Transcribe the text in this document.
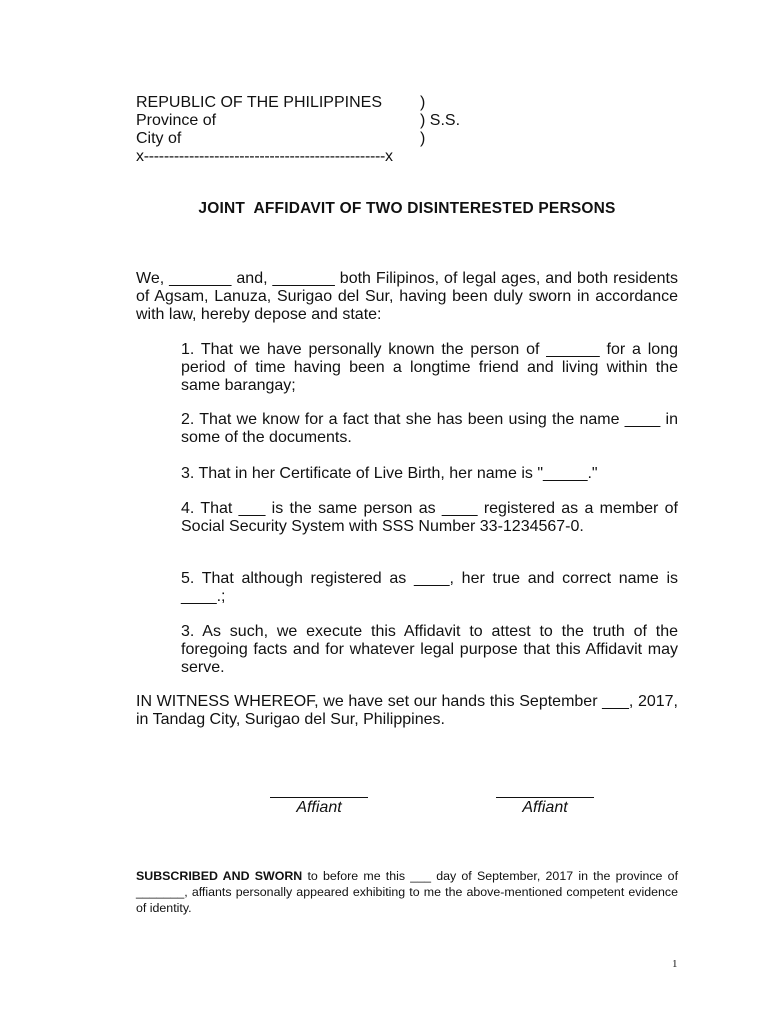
REPUBLIC OF THE PHILIPPINES	)
Province of	) S.S.
City of	)
x------------------------------------------------x
JOINT  AFFIDAVIT OF TWO DISINTERESTED PERSONS

We, _______ and, _______ both Filipinos, of legal ages, and both residents of Agsam, Lanuza, Surigao del Sur, having been duly sworn in accordance with law, hereby depose and state:

1. That we have personally known the person of ______ for a long period of time having been a longtime friend and living within the same barangay;

2. That we know for a fact that she has been using the name ____ in some of the documents.

3. That in her Certificate of Live Birth, her name is "_____."

4. That ___ is the same person as ____ registered as a member of Social Security System with SSS Number 33-1234567-0.

5. That although registered as ____, her true and correct name is ____.;

3. As such, we execute this Affidavit to attest to the truth of the foregoing facts and for whatever legal purpose that this Affidavit may serve.

IN WITNESS WHEREOF, we have set our hands this September ___, 2017, in Tandag City, Surigao del Sur, Philippines.

Affiant	Affiant

SUBSCRIBED AND SWORN to before me this ___ day of September, 2017 in the province of _______, affiants personally appeared exhibiting to me the above-mentioned competent evidence of identity.

1
